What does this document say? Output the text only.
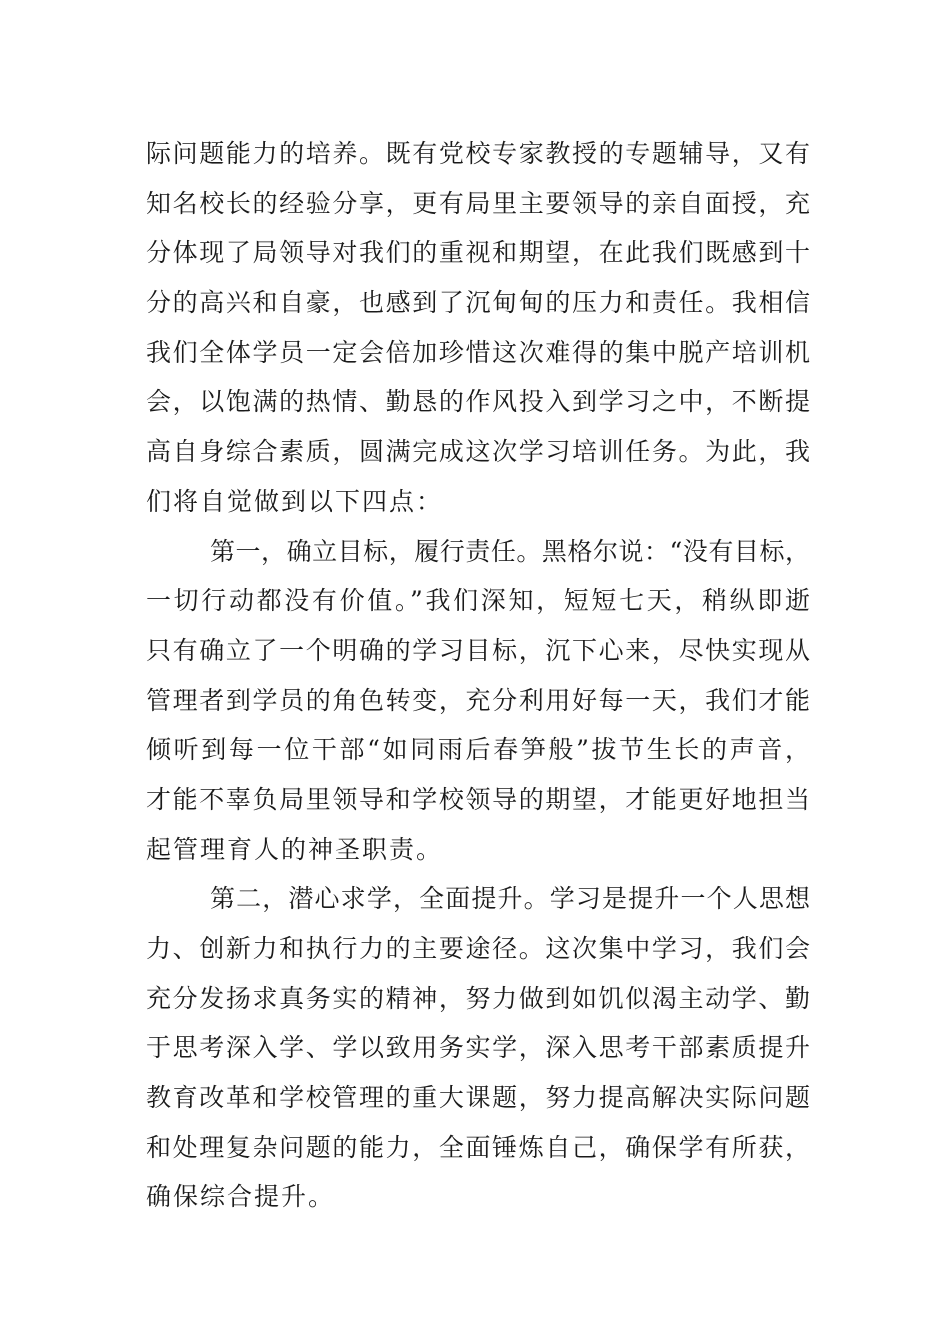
际问题能力的培养。既有党校专家教授的专题辅导，又有
知名校长的经验分享，更有局里主要领导的亲自面授，充
分体现了局领导对我们的重视和期望，在此我们既感到十
分的高兴和自豪，也感到了沉甸甸的压力和责任。我相信
我们全体学员一定会倍加珍惜这次难得的集中脱产培训机
会，以饱满的热情、勤恳的作风投入到学习之中，不断提
高自身综合素质，圆满完成这次学习培训任务。为此，我
们将自觉做到以下四点：
第一，确立目标，履行责任。黑格尔说：“没有目标，
一切行动都没有价值。”我们深知，短短七天，稍纵即逝
只有确立了一个明确的学习目标，沉下心来，尽快实现从
管理者到学员的角色转变，充分利用好每一天，我们才能
倾听到每一位干部“如同雨后春笋般”拔节生长的声音，
才能不辜负局里领导和学校领导的期望，才能更好地担当
起管理育人的神圣职责。
第二，潜心求学，全面提升。学习是提升一个人思想
力、创新力和执行力的主要途径。这次集中学习，我们会
充分发扬求真务实的精神，努力做到如饥似渴主动学、勤
于思考深入学、学以致用务实学，深入思考干部素质提升
教育改革和学校管理的重大课题，努力提高解决实际问题
和处理复杂问题的能力，全面锤炼自己，确保学有所获，
确保综合提升。
